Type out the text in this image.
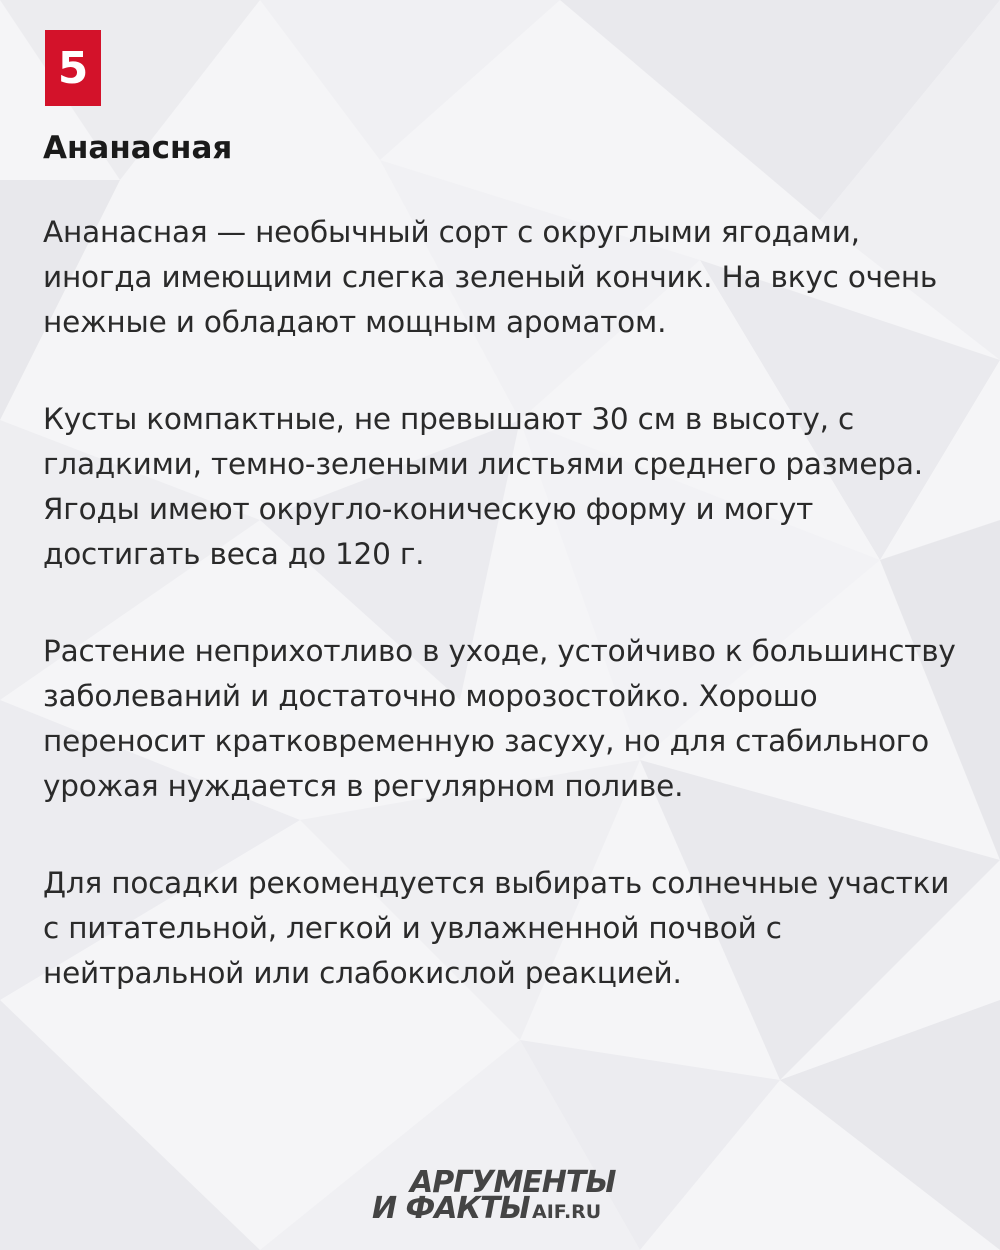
5
Ананасная

Ананасная — необычный сорт с округлыми ягодами, иногда имеющими слегка зеленый кончик. На вкус очень нежные и обладают мощным ароматом.

Кусты компактные, не превышают 30 см в высоту, с гладкими, темно-зелеными листьями среднего размера. Ягоды имеют округло-коническую форму и могут достигать веса до 120 г.

Растение неприхотливо в уходе, устойчиво к большинству заболеваний и достаточно морозостойко. Хорошо переносит кратковременную засуху, но для стабильного урожая нуждается в регулярном поливе.

Для посадки рекомендуется выбирать солнечные участки с питательной, легкой и увлажненной почвой с нейтральной или слабокислой реакцией.

АРГУМЕНТЫ
И ФАКТЫ AIF.RU
